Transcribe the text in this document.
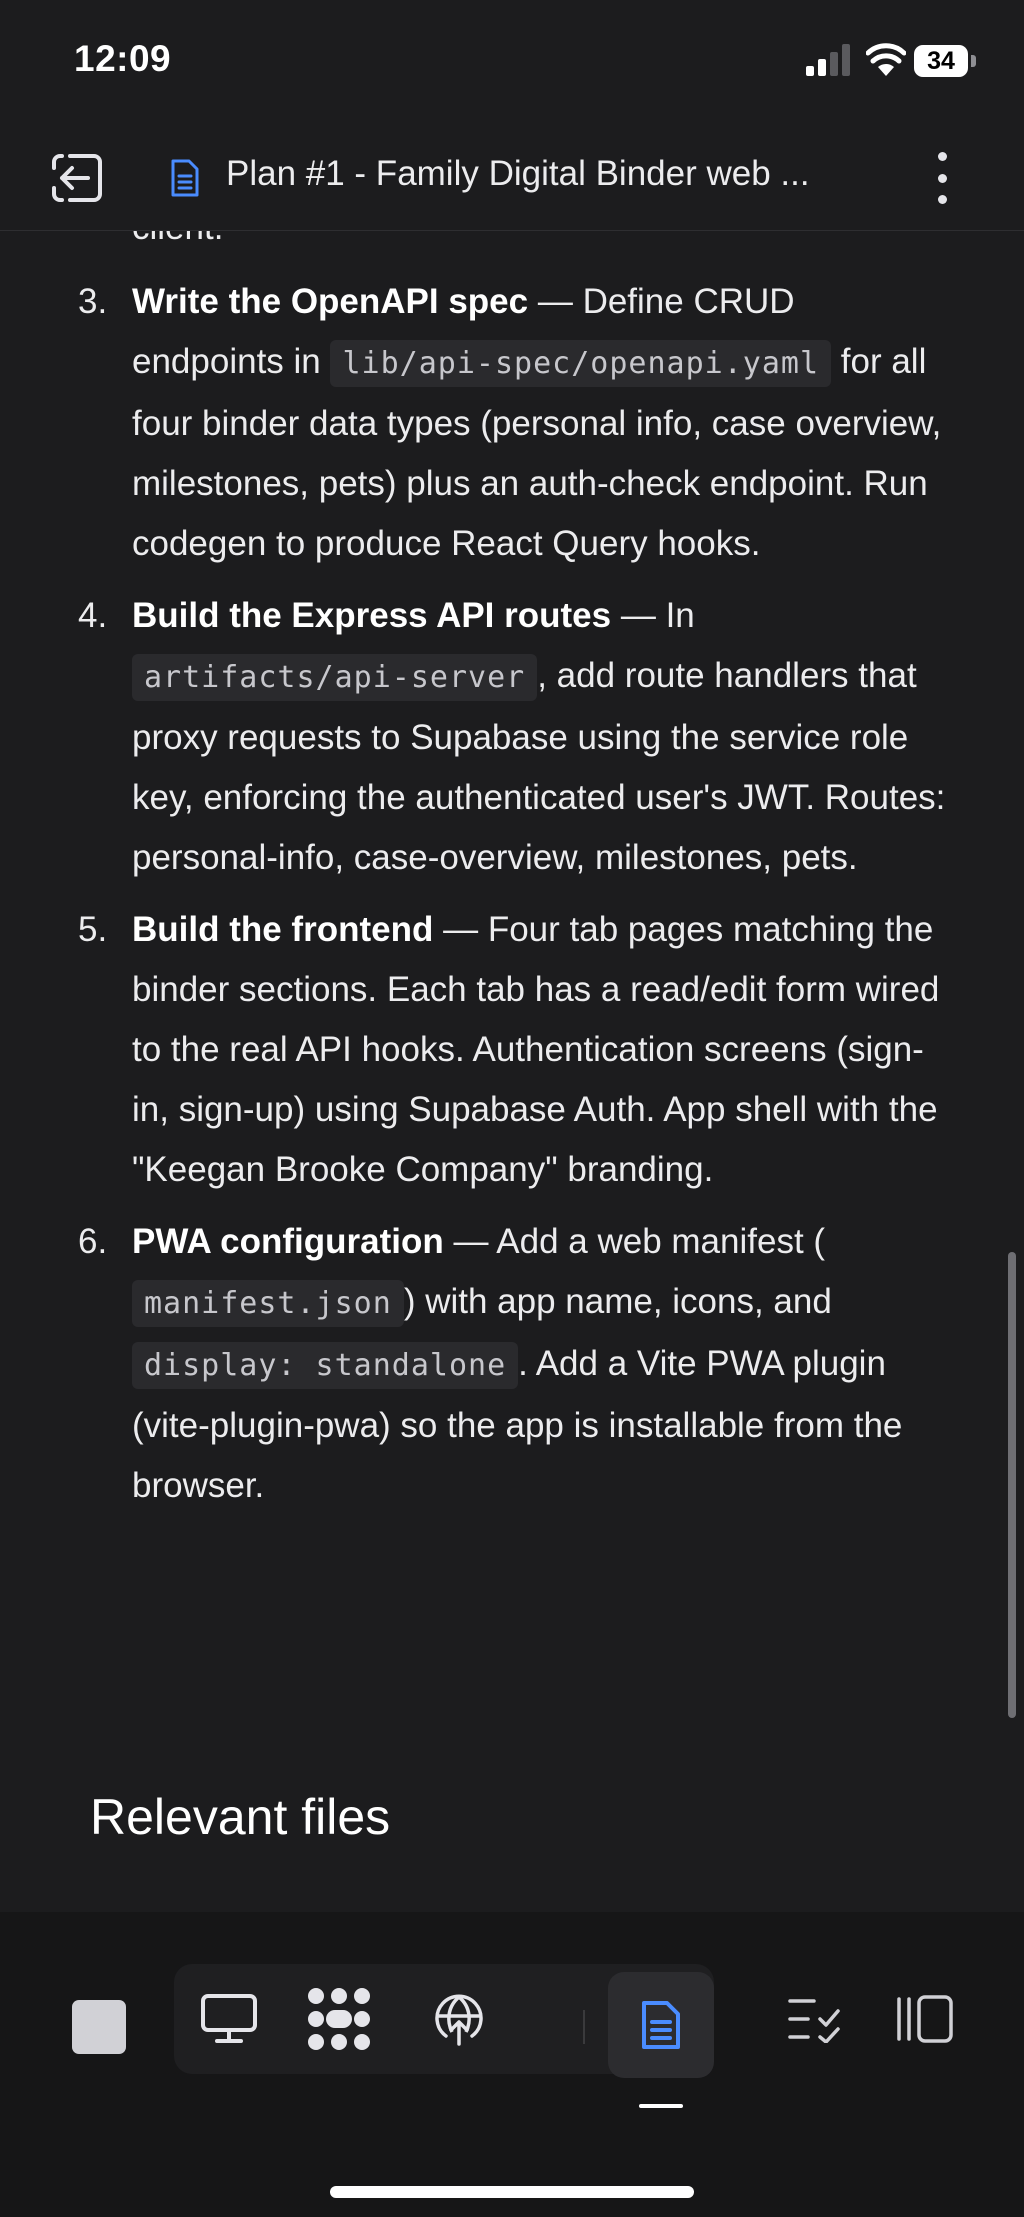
12:09	34
Plan #1 - Family Digital Binder web ...
3. Write the OpenAPI spec — Define CRUD endpoints in lib/api-spec/openapi.yaml for all four binder data types (personal info, case overview, milestones, pets) plus an auth-check endpoint. Run codegen to produce React Query hooks.
4. Build the Express API routes — In
artifacts/api-server , add route handlers that proxy requests to Supabase using the service role key, enforcing the authenticated user's JWT. Routes: personal-info, case-overview, milestones, pets.
5. Build the frontend — Four tab pages matching the binder sections. Each tab has a read/edit form wired to the real API hooks. Authentication screens (sign-in, sign-up) using Supabase Auth. App shell with the "Keegan Brooke Company" branding.
6. PWA configuration — Add a web manifest (
manifest.json ) with app name, icons, and
display: standalone . Add a Vite PWA plugin (vite-plugin-pwa) so the app is installable from the browser.
Relevant files
